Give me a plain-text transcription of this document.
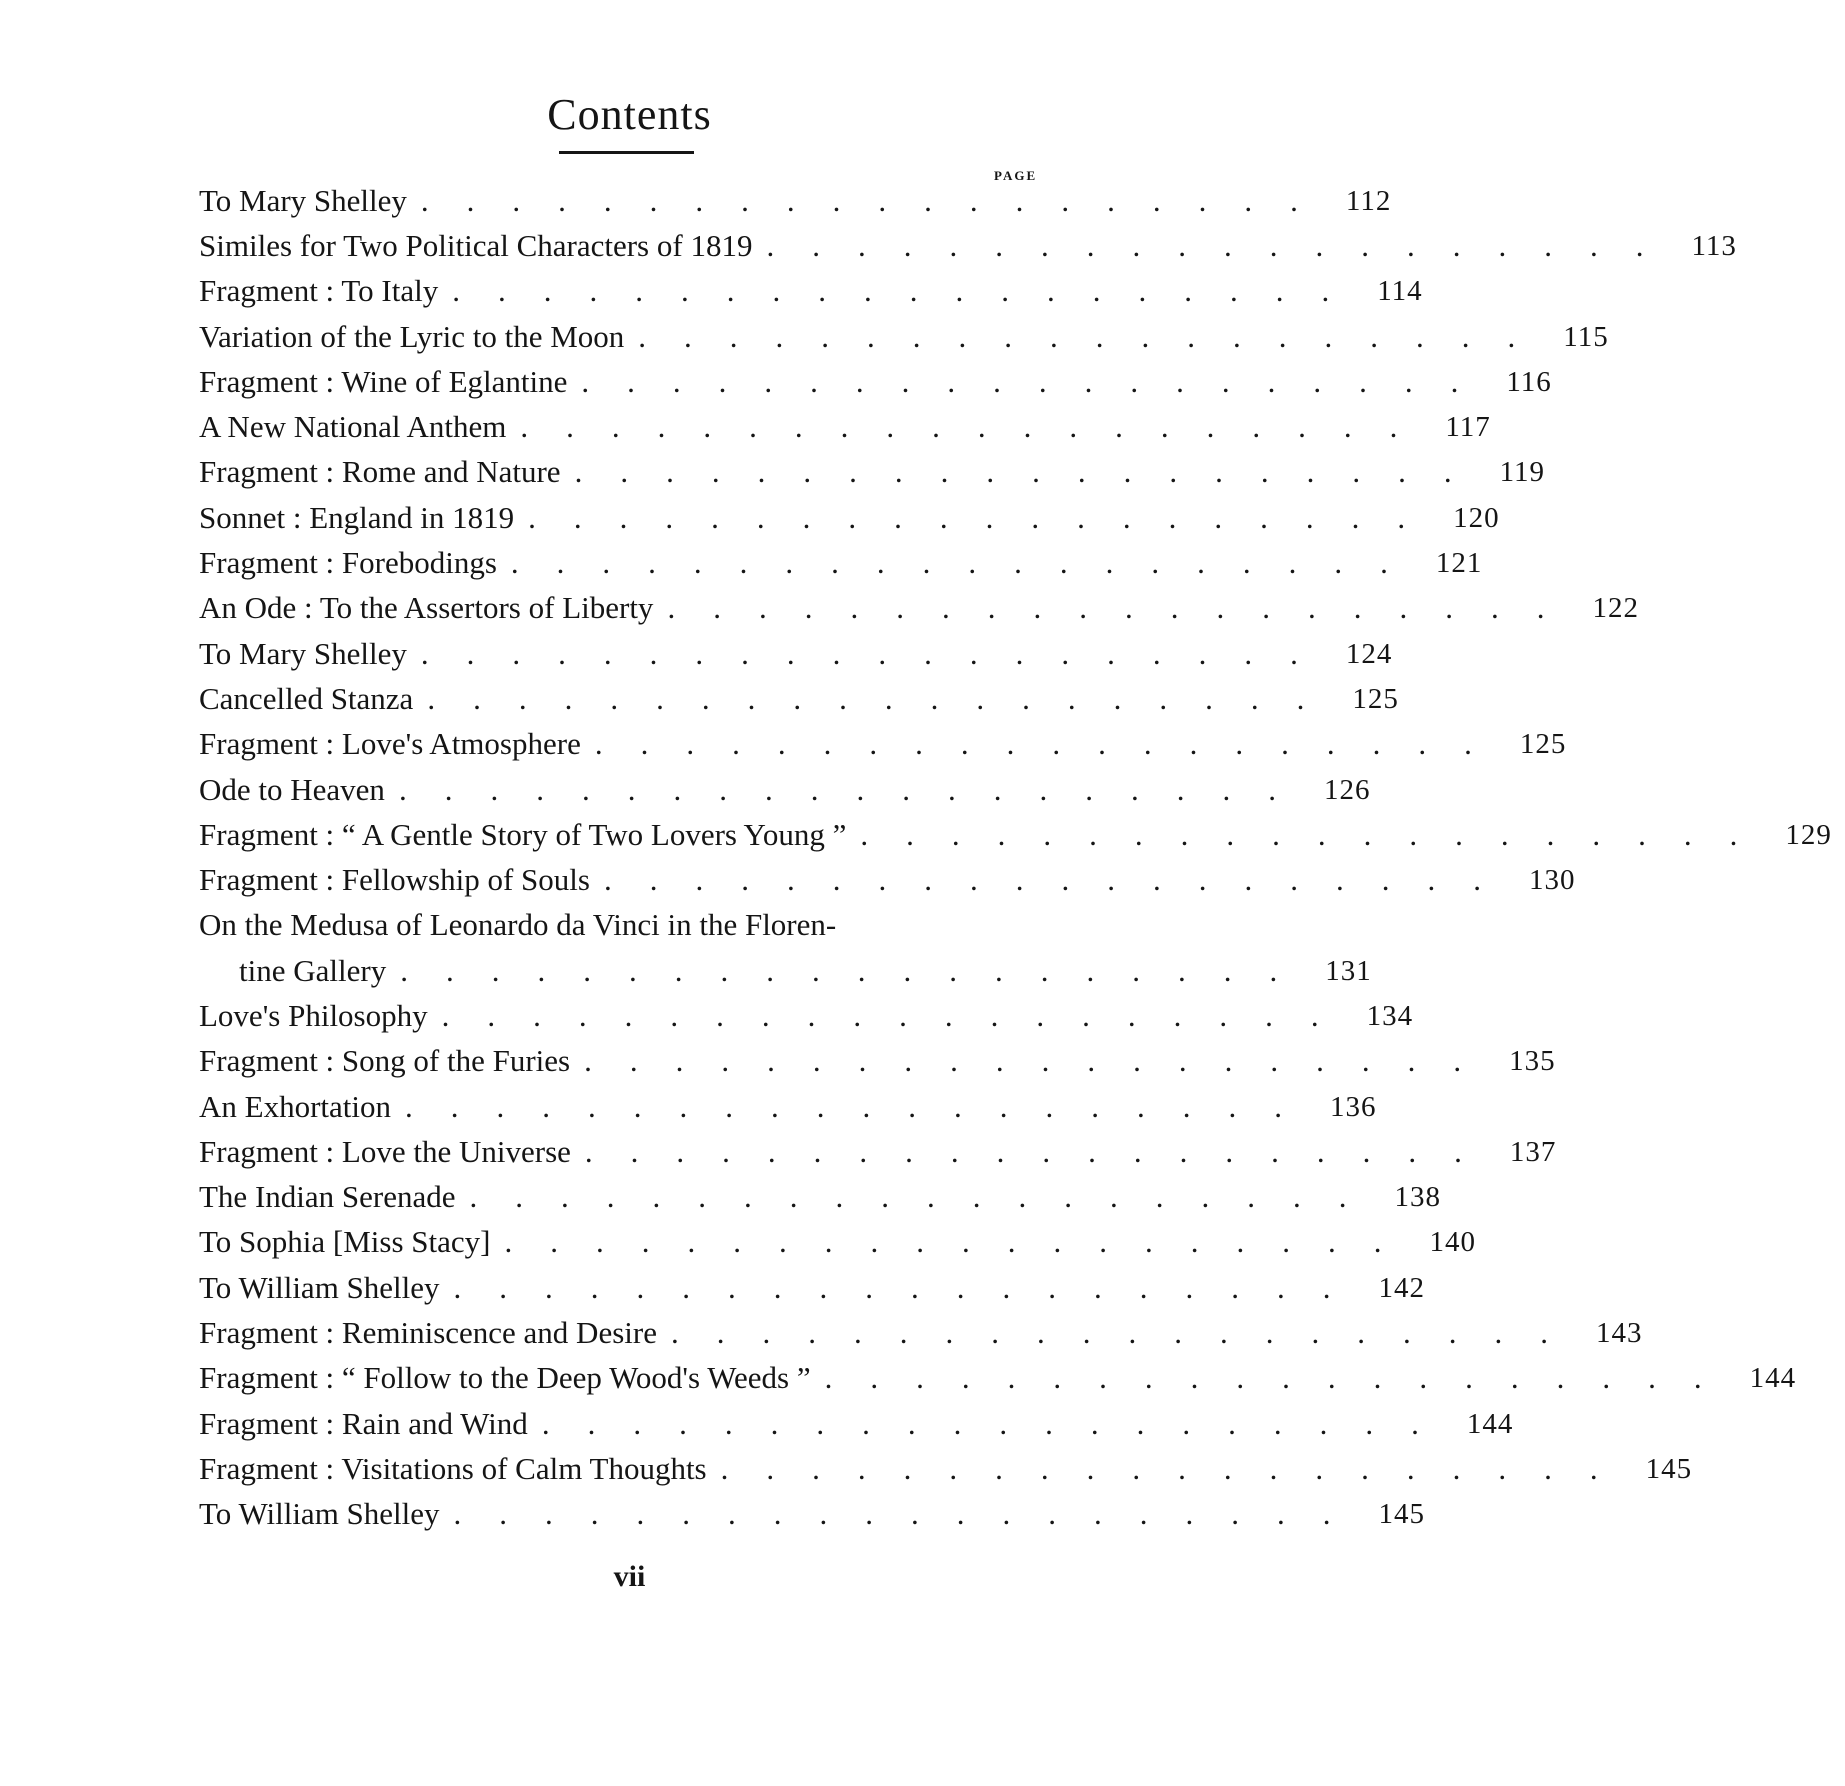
Contents
PAGE
To Mary Shelley .................... 112
Similes for Two Political Characters of 1819 .................... 113
Fragment : To Italy .................... 114
Variation of the Lyric to the Moon .................... 115
Fragment : Wine of Eglantine .................... 116
A New National Anthem .................... 117
Fragment : Rome and Nature .................... 119
Sonnet : England in 1819 .................... 120
Fragment : Forebodings .................... 121
An Ode : To the Assertors of Liberty .................... 122
To Mary Shelley .................... 124
Cancelled Stanza .................... 125
Fragment : Love's Atmosphere .................... 125
Ode to Heaven .................... 126
Fragment : “ A Gentle Story of Two Lovers Young ” .................... 129
Fragment : Fellowship of Souls .................... 130
On the Medusa of Leonardo da Vinci in the Floren-
tine Gallery .................... 131
Love's Philosophy .................... 134
Fragment : Song of the Furies .................... 135
An Exhortation .................... 136
Fragment : Love the Universe .................... 137
The Indian Serenade .................... 138
To Sophia [Miss Stacy] .................... 140
To William Shelley .................... 142
Fragment : Reminiscence and Desire .................... 143
Fragment : “ Follow to the Deep Wood's Weeds ” .................... 144
Fragment : Rain and Wind .................... 144
Fragment : Visitations of Calm Thoughts .................... 145
To William Shelley .................... 145
vii
